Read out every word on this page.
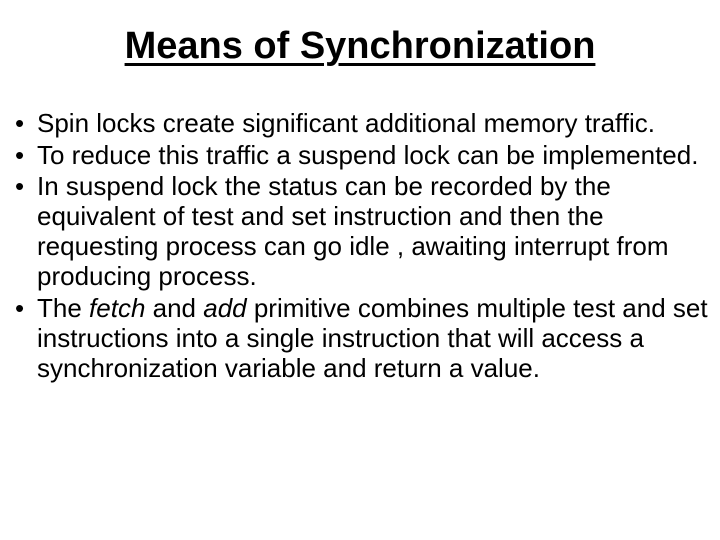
Means of Synchronization
• Spin locks create significant additional memory traffic.
• To reduce this traffic a suspend lock can be implemented.
• In suspend lock the status can be recorded by the   equivalent of test and set instruction and then the requesting process can go idle , awaiting interrupt from producing process.
• The fetch and add primitive combines multiple test and set instructions into a single instruction that will access a synchronization variable and return a value.
